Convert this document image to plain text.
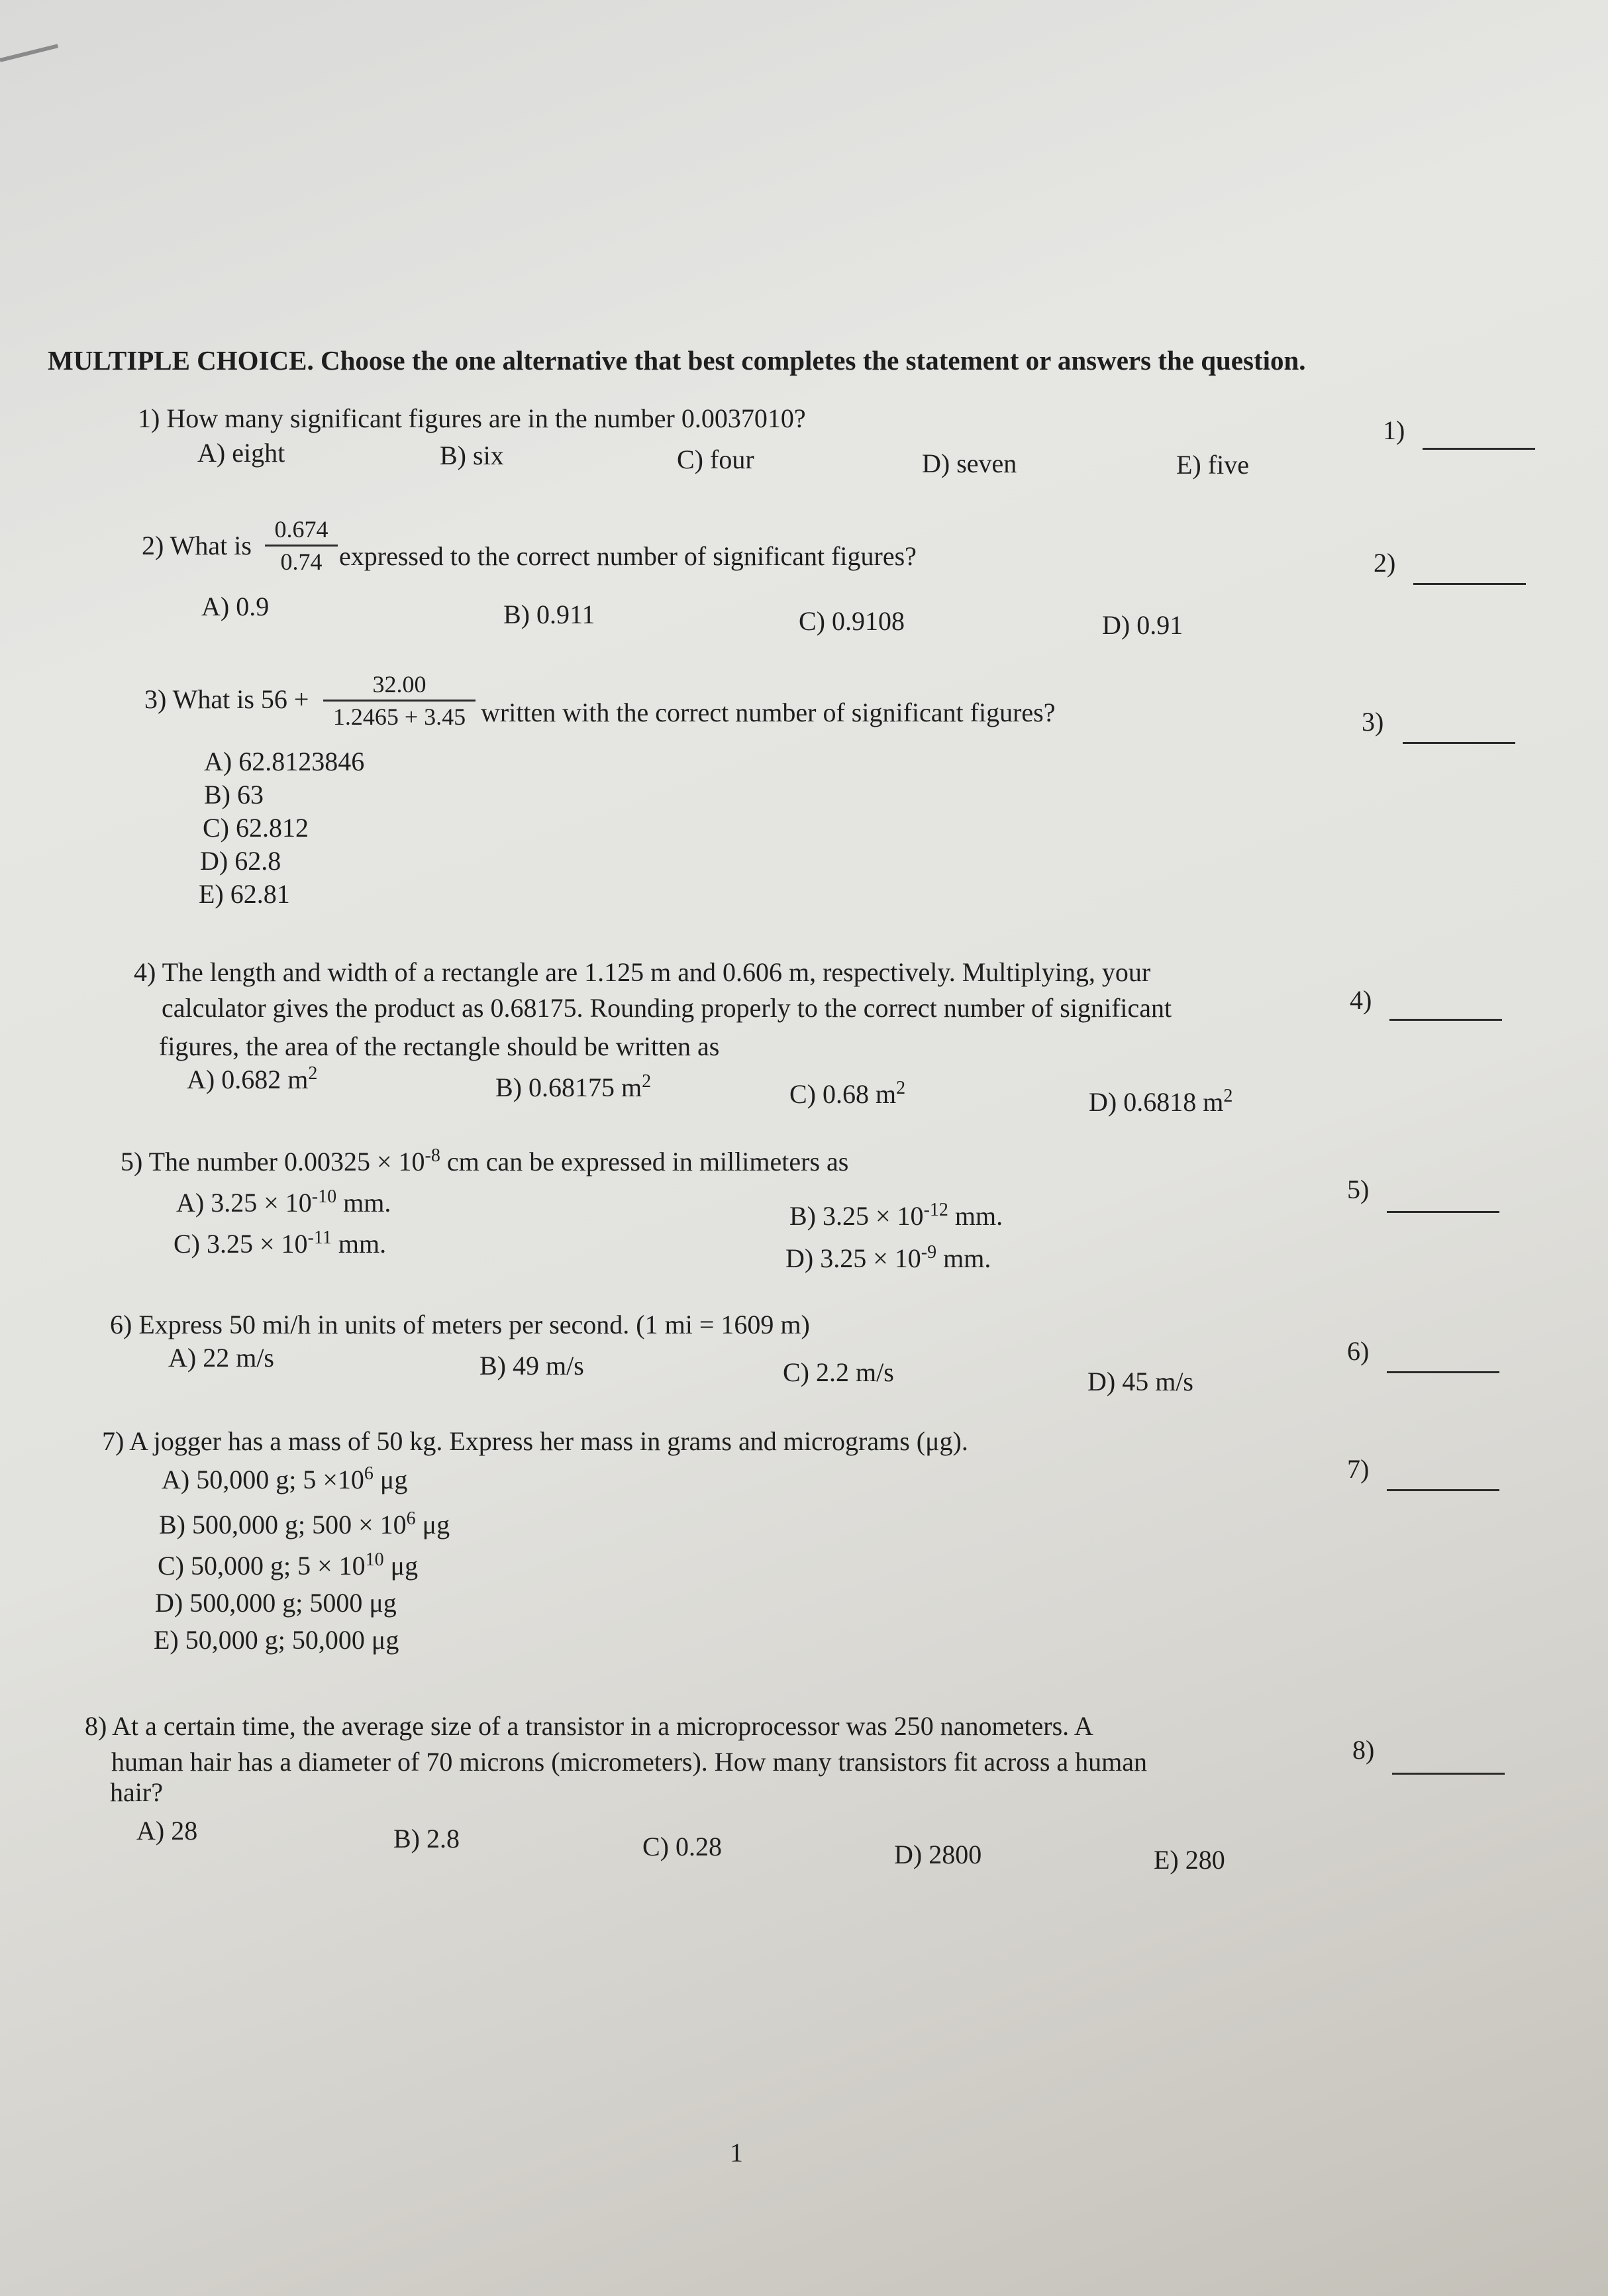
MULTIPLE CHOICE. Choose the one alternative that best completes the statement or answers the question.
1) How many significant figures are in the number 0.0037010?
A) eight	B) six	C) four	D) seven	E) five
1)
2) What is
0.674
0.74 expressed to the correct number of significant figures?
A) 0.9	B) 0.911	C) 0.9108	D) 0.91
2)
3) What is 56 +	32.00
1.2465 + 3.45 written with the correct number of significant figures?
A) 62.8123846
B) 63
C) 62.812
D) 62.8
E) 62.81
3)
4) The length and width of a rectangle are 1.125 m and 0.606 m, respectively. Multiplying, your
calculator gives the product as 0.68175. Rounding properly to the correct number of significant
figures, the area of the rectangle should be written as
A) 0.682 $m^2$	B) 0.68175 $m^2$	C) 0.68 $m^2$	D) 0.6818 $m^2$
4)
5) The number $0.00325 \times 10^{-8}$ cm can be expressed in millimeters as
A) $3.25 \times 10^{-10}$ mm.	B) $3.25 \times 10^{-12}$ mm.
C) $3.25 \times 10^{-11}$ mm.	D) $3.25 \times 10^{-9}$ mm.
5)
6) Express 50 mi/h in units of meters per second. (1 mi = 1609 m)
A) 22 m/s	B) 49 m/s	C) 2.2 m/s	D) 45 m/s
6)
7) A jogger has a mass of 50 kg. Express her mass in grams and micrograms (μg).
A) 50,000 g; $5 \times 10^6$ μg
B) 500,000 g; $500 \times 10^6$ μg
C) 50,000 g; $5 \times 10^{10}$ μg
D) 500,000 g; 5000 μg
E) 50,000 g; 50,000 μg
7)
8) At a certain time, the average size of a transistor in a microprocessor was 250 nanometers. A
human hair has a diameter of 70 microns (micrometers). How many transistors fit across a human
hair?
A) 28	B) 2.8	C) 0.28	D) 2800	E) 280
8)
1
